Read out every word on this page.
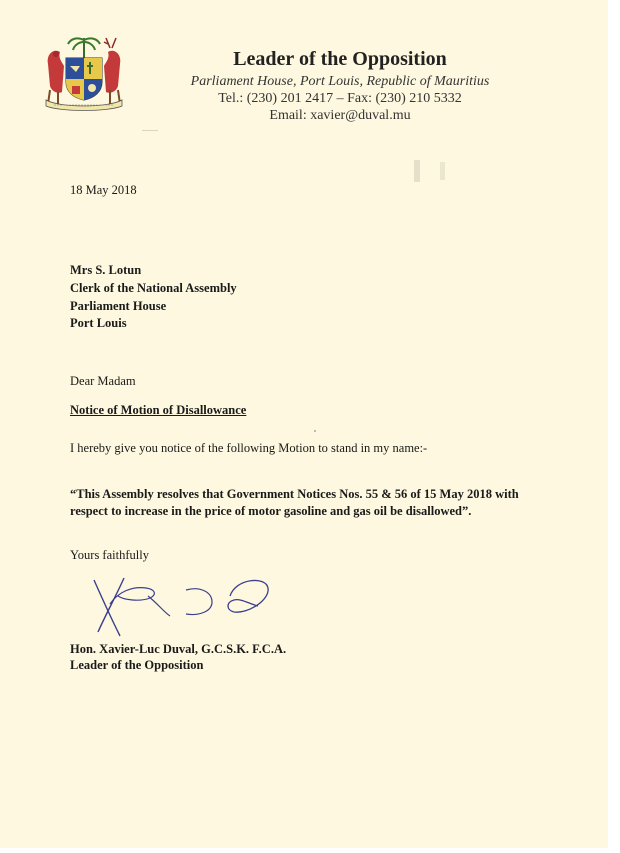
Leader of the Opposition
Parliament House, Port Louis, Republic of Mauritius
Tel.: (230) 201 2417 – Fax: (230) 210 5332
Email: xavier@duval.mu
18 May 2018
Mrs S. Lotun
Clerk of the National Assembly
Parliament House
Port Louis
Dear Madam
Notice of Motion of Disallowance
I hereby give you notice of the following Motion to stand in my name:-
“This Assembly resolves that Government Notices Nos. 55 & 56 of 15 May 2018 with respect to increase in the price of motor gasoline and gas oil be disallowed”.
Yours faithfully
Hon. Xavier-Luc Duval, G.C.S.K. F.C.A.
Leader of the Opposition
